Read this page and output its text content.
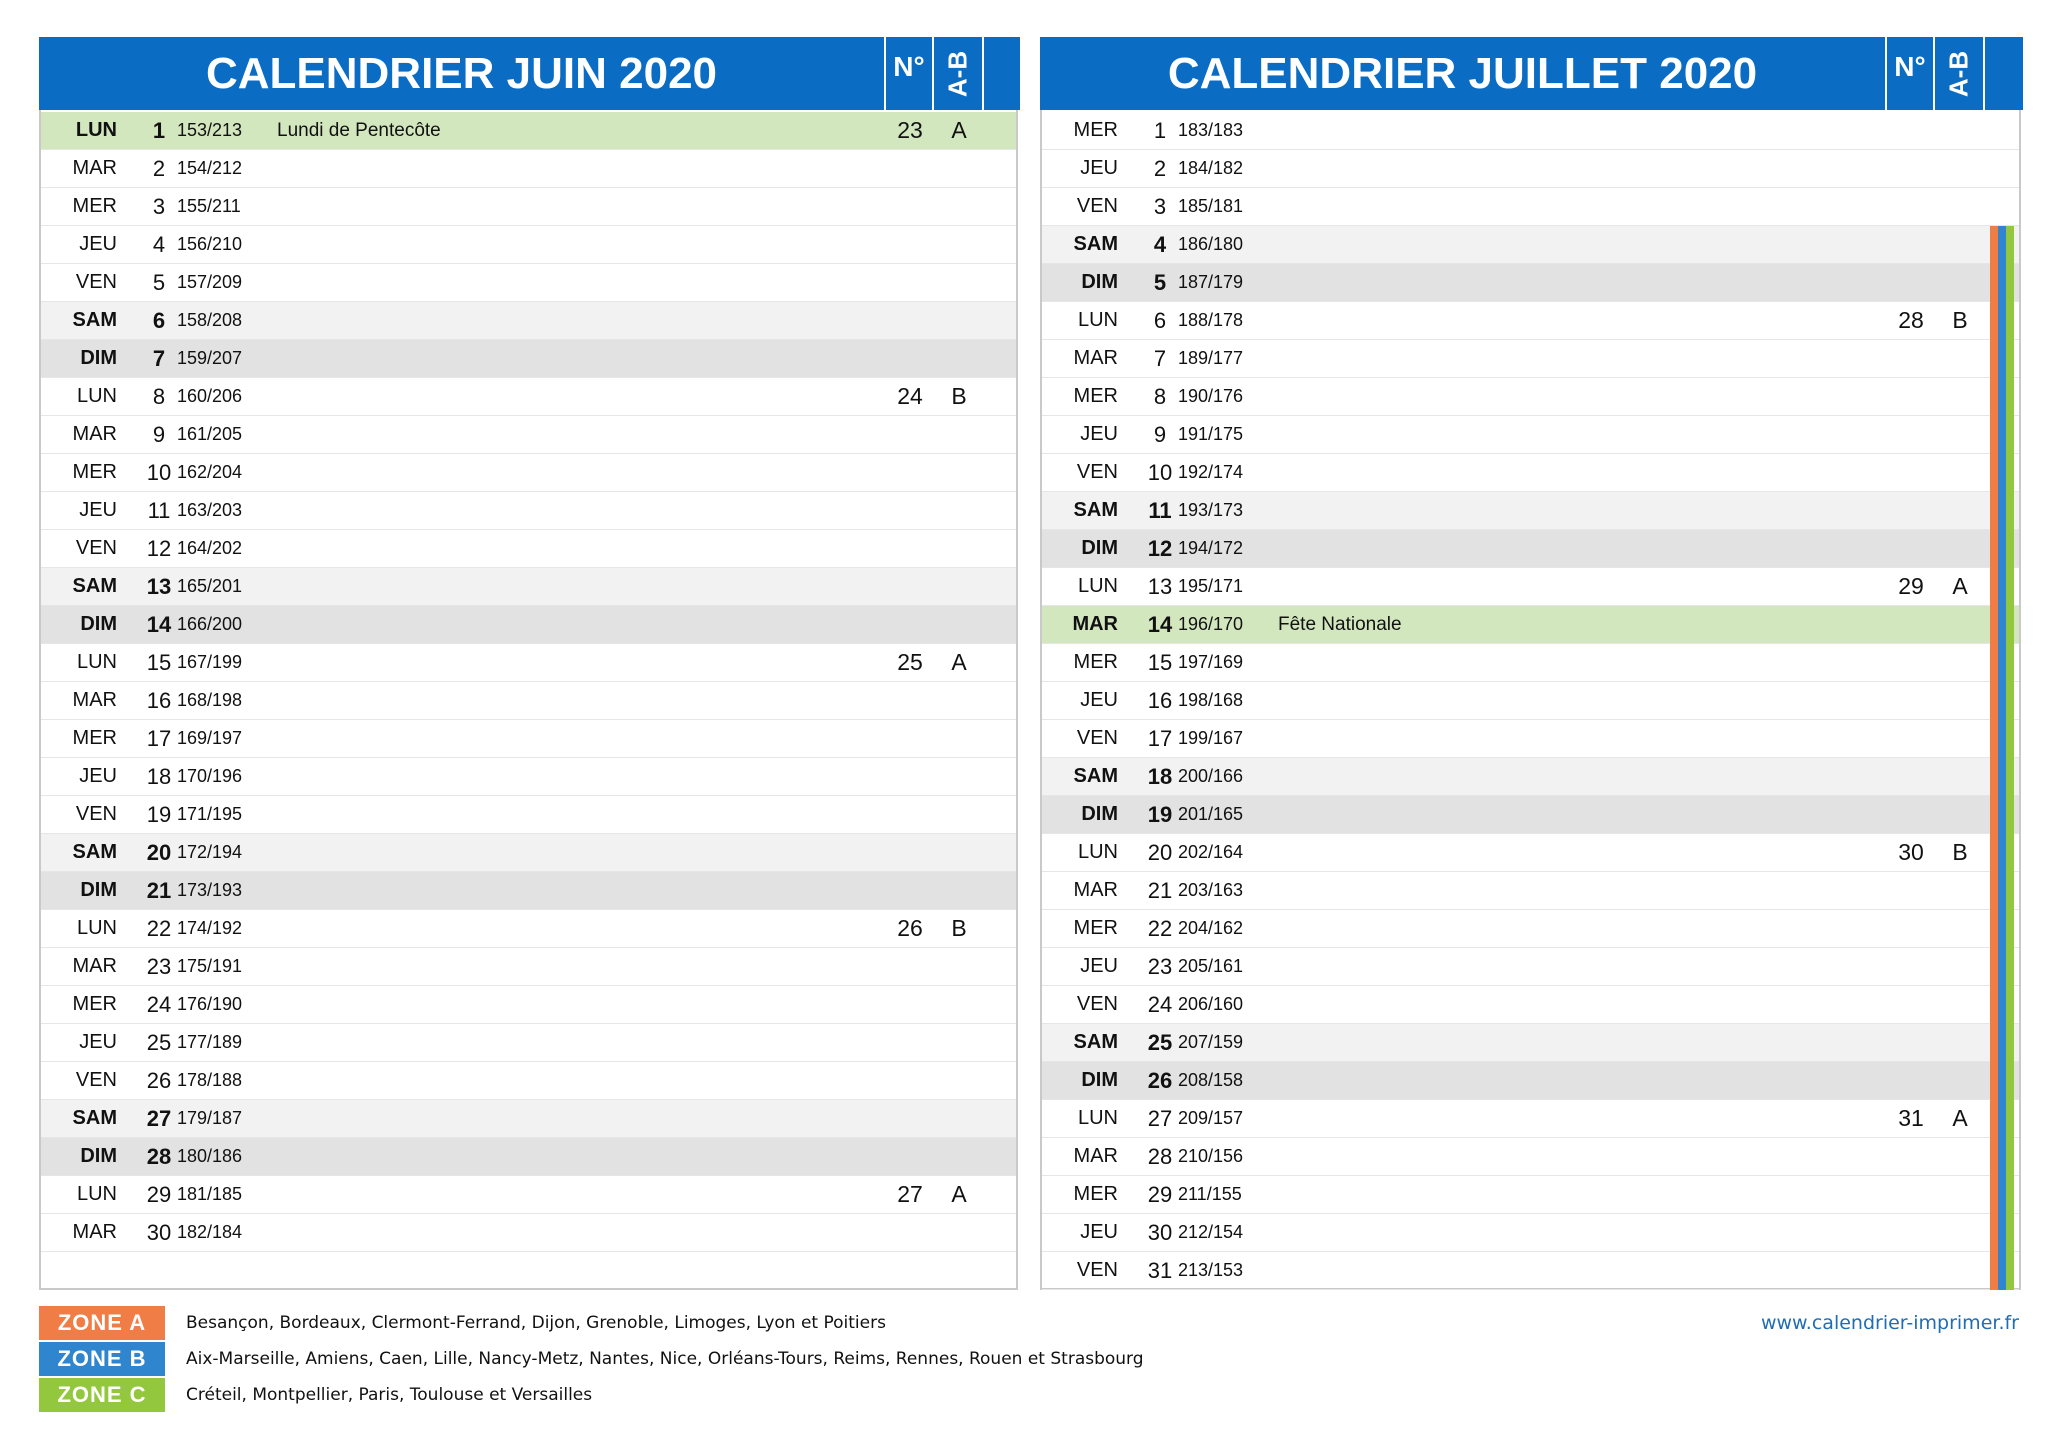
CALENDRIER JUIN 2020	N° A-B
LUN	1 153/213	Lundi de Pentecôte	23	A
MAR	2 154/212
MER	3 155/211
JEU	4 156/210
VEN	5 157/209
SAM	6 158/208
DIM	7 159/207
LUN	8 160/206	24	B
MAR	9 161/205
MER	10 162/204
JEU	11 163/203
VEN	12 164/202
SAM	13 165/201
DIM	14 166/200
LUN	15 167/199	25	A
MAR	16 168/198
MER	17 169/197
JEU	18 170/196
VEN	19 171/195
SAM	20 172/194
DIM	21 173/193
LUN	22 174/192	26	B
MAR	23 175/191
MER	24 176/190
JEU	25 177/189
VEN	26 178/188
SAM	27 179/187
DIM	28 180/186
LUN	29 181/185	27	A
MAR	30 182/184
CALENDRIER JUILLET 2020	N° A-B
MER	1 183/183
JEU	2 184/182
VEN	3 185/181
SAM	4 186/180
DIM	5 187/179
LUN	6 188/178	28	B
MAR	7 189/177
MER	8 190/176
JEU	9 191/175
VEN	10 192/174
SAM	11 193/173
DIM	12 194/172
LUN	13 195/171	29	A
MAR	14 196/170	Fête Nationale
MER	15 197/169
JEU	16 198/168
VEN	17 199/167
SAM	18 200/166
DIM	19 201/165
LUN	20 202/164	30	B
MAR	21 203/163
MER	22 204/162
JEU	23 205/161
VEN	24 206/160
SAM	25 207/159
DIM	26 208/158
LUN	27 209/157	31	A
MAR	28 210/156
MER	29 211/155
JEU	30 212/154
VEN	31 213/153
ZONE A	Besançon, Bordeaux, Clermont-Ferrand, Dijon, Grenoble, Limoges, Lyon et Poitiers
ZONE B	Aix-Marseille, Amiens, Caen, Lille, Nancy-Metz, Nantes, Nice, Orléans-Tours, Reims, Rennes, Rouen et Strasbourg
ZONE C	Créteil, Montpellier, Paris, Toulouse et Versailles
www.calendrier-imprimer.fr
